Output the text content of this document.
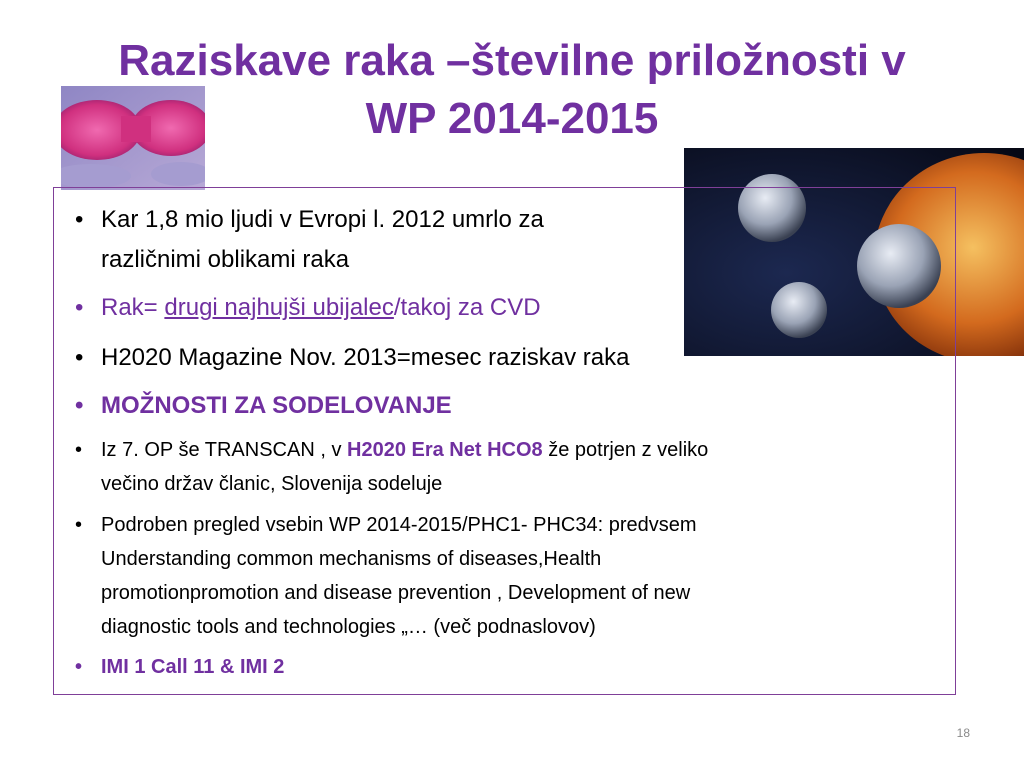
Raziskave raka –številne priložnosti v
WP 2014-2015
• Kar 1,8 mio ljudi v Evropi l. 2012 umrlo za
različnimi oblikami raka
• Rak= drugi najhujši ubijalec/takoj za CVD
• H2020 Magazine Nov. 2013=mesec raziskav raka
• MOŽNOSTI ZA SODELOVANJE
• Iz 7. OP še TRANSCAN , v H2020 Era Net HCO8 že potrjen z veliko
večino držav članic, Slovenija sodeluje
• Podroben pregled vsebin WP 2014-2015/PHC1- PHC34: predvsem
Understanding common mechanisms of diseases,Health
promotionpromotion and disease prevention , Development of new
diagnostic tools and technologies „… (več podnaslovov)
• IMI 1 Call 11 & IMI 2
18
